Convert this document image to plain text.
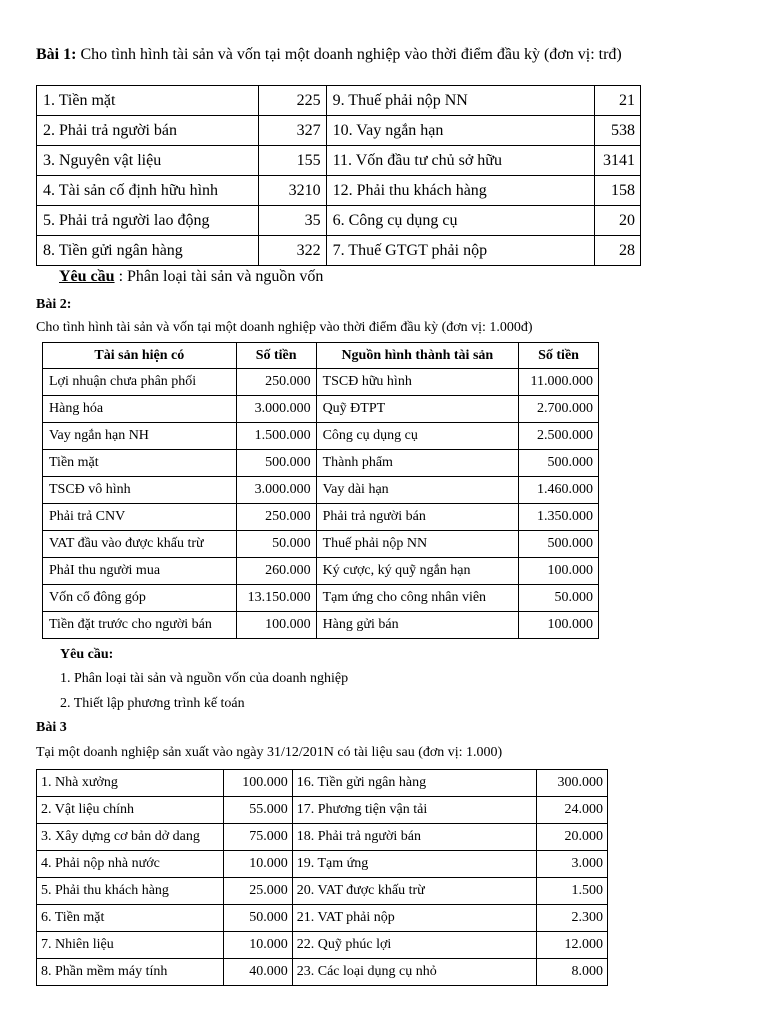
Bài 1: Cho tình hình tài sản và vốn tại một doanh nghiệp vào thời điểm đầu kỳ (đơn vị: trđ)
1. Tiền mặt	225	9. Thuế phải nộp NN	21
2. Phải trả người bán	327	10. Vay ngắn hạn	538
3. Nguyên vật liệu	155	11. Vốn đầu tư chủ sở hữu	3141
4. Tài sản cố định hữu hình	3210	12. Phải thu khách hàng	158
5. Phải trả người lao động	35	6. Công cụ dụng cụ	20
8. Tiền gửi ngân hàng	322	7. Thuế GTGT phải nộp	28
Yêu cầu : Phân loại tài sản và nguồn vốn
Bài 2:
Cho tình hình tài sản và vốn tại một doanh nghiệp vào thời điểm đầu kỳ (đơn vị: 1.000đ)
Tài sản hiện có	Số tiền	Nguồn hình thành tài sản	Số tiền
Lợi nhuận chưa phân phối	250.000	TSCĐ hữu hình	11.000.000
Hàng hóa	3.000.000	Quỹ ĐTPT	2.700.000
Vay ngắn hạn NH	1.500.000	Công cụ dụng cụ	2.500.000
Tiền mặt	500.000	Thành phẩm	500.000
TSCĐ vô hình	3.000.000	Vay dài hạn	1.460.000
Phải trả CNV	250.000	Phải trả người bán	1.350.000
VAT đầu vào được khấu trừ	50.000	Thuế phải nộp NN	500.000
PhảI thu người mua	260.000	Ký cược, ký quỹ ngắn hạn	100.000
Vốn cổ đông góp	13.150.000	Tạm ứng cho công nhân viên	50.000
Tiền đặt trước cho người bán	100.000	Hàng gửi bán	100.000
Yêu cầu:
1. Phân loại tài sản và nguồn vốn của doanh nghiệp
2. Thiết lập phương trình kế toán
Bài 3
Tại một doanh nghiệp sản xuất vào ngày 31/12/201N có tài liệu sau (đơn vị: 1.000)
1. Nhà xưởng	100.000	16. Tiền gửi ngân hàng	300.000
2. Vật liệu chính	55.000	17. Phương tiện vận tải	24.000
3. Xây dựng cơ bản dở dang	75.000	18. Phải trả người bán	20.000
4. Phải nộp nhà nước	10.000	19. Tạm ứng	3.000
5. Phải thu khách hàng	25.000	20. VAT được khấu trừ	1.500
6. Tiền mặt	50.000	21. VAT phải nộp	2.300
7. Nhiên liệu	10.000	22. Quỹ phúc lợi	12.000
8. Phần mềm máy tính	40.000	23. Các loại dụng cụ nhỏ	8.000
